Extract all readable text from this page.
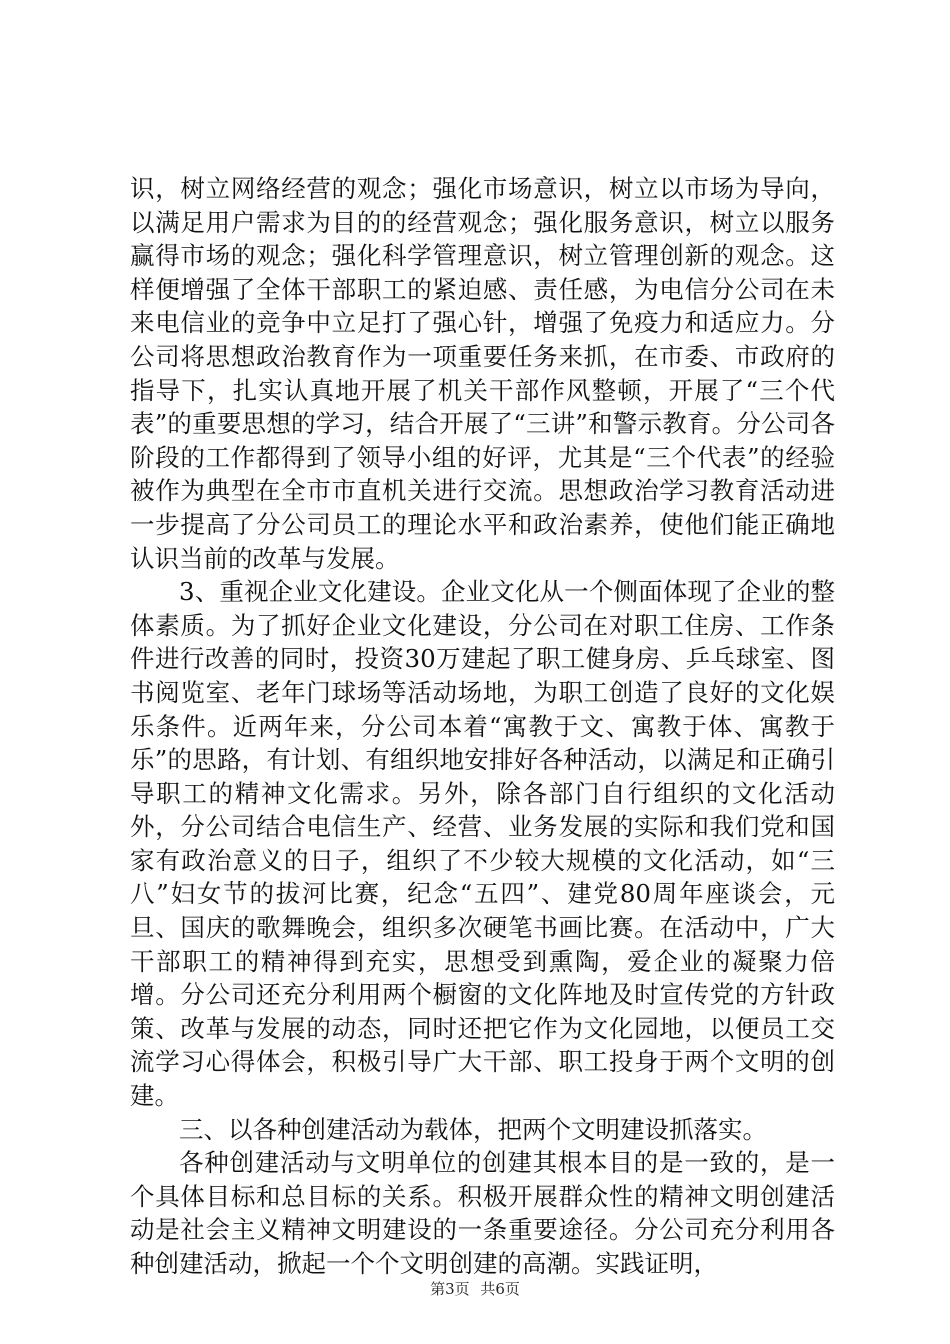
识，树立网络经营的观念；强化市场意识，树立以市场为导向，以满足用户需求为目的的经营观念；强化服务意识，树立以服务赢得市场的观念；强化科学管理意识，树立管理创新的观念。这样便增强了全体干部职工的紧迫感、责任感，为电信分公司在未来电信业的竞争中立足打了强心针，增强了免疫力和适应力。分公司将思想政治教育作为一项重要任务来抓，在市委、市政府的指导下，扎实认真地开展了机关干部作风整顿，开展了“三个代表”的重要思想的学习，结合开展了“三讲”和警示教育。分公司各阶段的工作都得到了领导小组的好评，尤其是“三个代表”的经验被作为典型在全市市直机关进行交流。思想政治学习教育活动进一步提高了分公司员工的理论水平和政治素养，使他们能正确地认识当前的改革与发展。

3、重视企业文化建设。企业文化从一个侧面体现了企业的整体素质。为了抓好企业文化建设，分公司在对职工住房、工作条件进行改善的同时，投资30万建起了职工健身房、乒乓球室、图书阅览室、老年门球场等活动场地，为职工创造了良好的文化娱乐条件。近两年来，分公司本着“寓教于文、寓教于体、寓教于乐”的思路，有计划、有组织地安排好各种活动，以满足和正确引导职工的精神文化需求。另外，除各部门自行组织的文化活动外，分公司结合电信生产、经营、业务发展的实际和我们党和国家有政治意义的日子，组织了不少较大规模的文化活动，如“三八”妇女节的拔河比赛，纪念“五四”、建党80周年座谈会，元旦、国庆的歌舞晚会，组织多次硬笔书画比赛。在活动中，广大干部职工的精神得到充实，思想受到熏陶，爱企业的凝聚力倍增。分公司还充分利用两个橱窗的文化阵地及时宣传党的方针政策、改革与发展的动态，同时还把它作为文化园地，以便员工交流学习心得体会，积极引导广大干部、职工投身于两个文明的创建。

三、以各种创建活动为载体，把两个文明建设抓落实。

各种创建活动与文明单位的创建其根本目的是一致的，是一个具体目标和总目标的关系。积极开展群众性的精神文明创建活动是社会主义精神文明建设的一条重要途径。分公司充分利用各种创建活动，掀起一个个文明创建的高潮。实践证明，

第3页 共6页
